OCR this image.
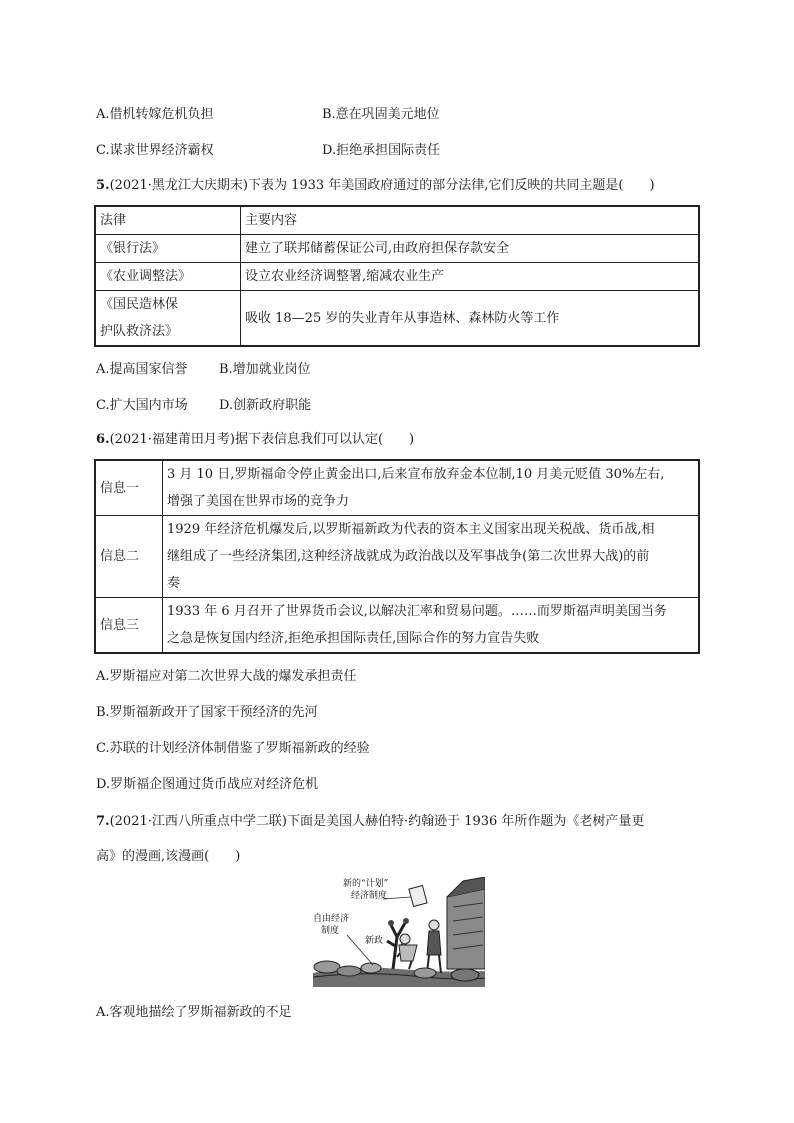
A.借机转嫁危机负担	B.意在巩固美元地位
C.谋求世界经济霸权	D.拒绝承担国际责任
5.(2021·黑龙江大庆期末)下表为 1933 年美国政府通过的部分法律,它们反映的共同主题是(　　)
法律	主要内容
《银行法》	建立了联邦储蓄保证公司,由政府担保存款安全
《农业调整法》	设立农业经济调整署,缩减农业生产

《国民造林保
护队救济法》	吸收 18—25 岁的失业青年从事造林、森林防火等工作
A.提高国家信誉 B.增加就业岗位
C.扩大国内市场 D.创新政府职能
6.(2021·福建莆田月考)据下表信息我们可以认定(　　)
信息一	3 月 10 日,罗斯福命令停止黄金出口,后来宣布放弃金本位制,10 月美元贬值 30%左右,
增强了美国在世界市场的竞争力

信息二	1929 年经济危机爆发后,以罗斯福新政为代表的资本主义国家出现关税战、货币战,相
继组成了一些经济集团,这种经济战就成为政治战以及军事战争(第二次世界大战)的前
奏

信息三	1933 年 6 月召开了世界货币会议,以解决汇率和贸易问题。……而罗斯福声明美国当务
之急是恢复国内经济,拒绝承担国际责任,国际合作的努力宣告失败
A.罗斯福应对第二次世界大战的爆发承担责任
B.罗斯福新政开了国家干预经济的先河
C.苏联的计划经济体制借鉴了罗斯福新政的经验
D.罗斯福企图通过货币战应对经济危机
7.(2021·江西八所重点中学二联)下面是美国人赫伯特·约翰逊于 1936 年所作题为《老树产量更
高》的漫画,该漫画(　　)
新的“计划”
经济制度
自由经济
制度
新政
A.客观地描绘了罗斯福新政的不足
